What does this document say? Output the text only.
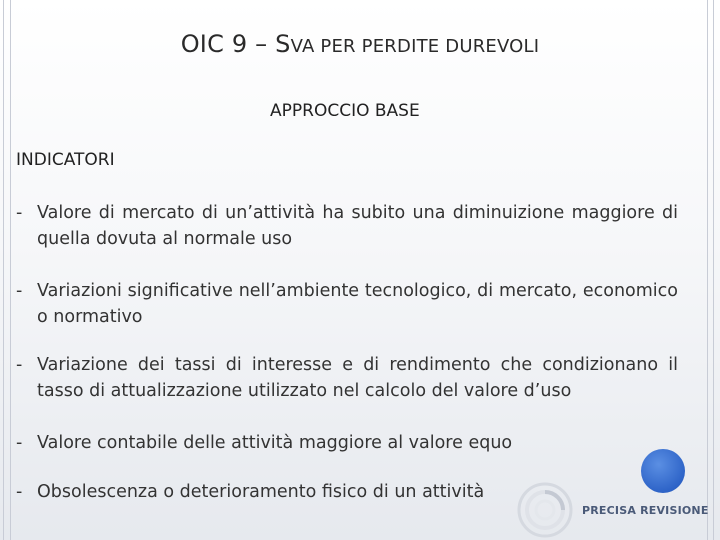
OIC 9 – SVA PER PERDITE DUREVOLI
APPROCCIO BASE
INDICATORI
- Valore di mercato di un’attività ha subito una diminuizione maggiore di quella dovuta al normale uso
- Variazioni significative nell’ambiente tecnologico, di mercato, economico o normativo
- Variazione dei tassi di interesse e di rendimento che condizionano il tasso di attualizzazione utilizzato nel calcolo del valore d’uso
- Valore contabile delle attività maggiore al valore equo
- Obsolescenza o deterioramento fisico di un attività
PRECISA REVISIONE
